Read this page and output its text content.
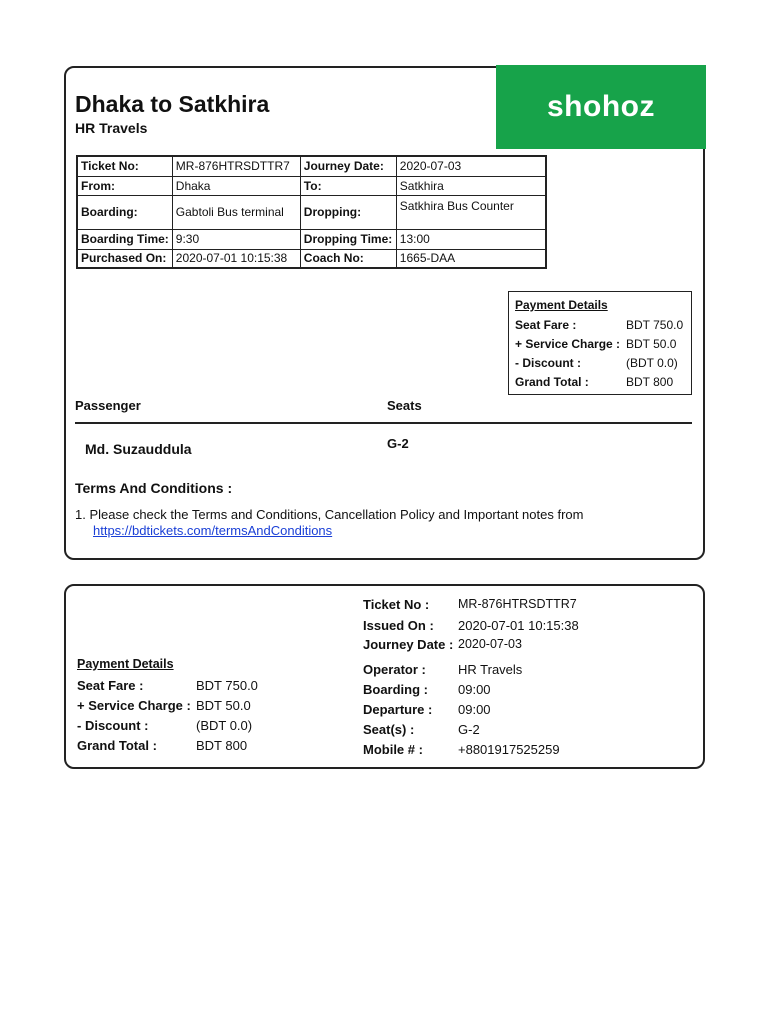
shohoz
Dhaka to Satkhira
HR Travels
Ticket No:	MR-876HTRSDTTR7	Journey Date:	2020-07-03
From:	Dhaka	To:	Satkhira
Boarding:	Gabtoli Bus terminal	Dropping:	Satkhira Bus Counter
Boarding Time:	9:30	Dropping Time:	13:00
Purchased On:	2020-07-01 10:15:38	Coach No:	1665-DAA
Payment Details
Seat Fare :	BDT 750.0
+ Service Charge : BDT 50.0
- Discount :	(BDT 0.0)
Grand Total :	BDT 800
Passenger	Seats
Md. Suzauddula	G-2
Terms And Conditions :
1. Please check the Terms and Conditions, Cancellation Policy and Important notes from
https://bdtickets.com/termsAndConditions
Payment Details
Seat Fare :	BDT 750.0
+ Service Charge : BDT 50.0
- Discount :	(BDT 0.0)
Grand Total :	BDT 800
Ticket No : MR-876HTRSDTTR7
Issued On : 2020-07-01 10:15:38
Journey Date : 2020-07-03
Operator : HR Travels
Boarding : 09:00
Departure : 09:00
Seat(s) :	G-2
Mobile # :	+8801917525259
